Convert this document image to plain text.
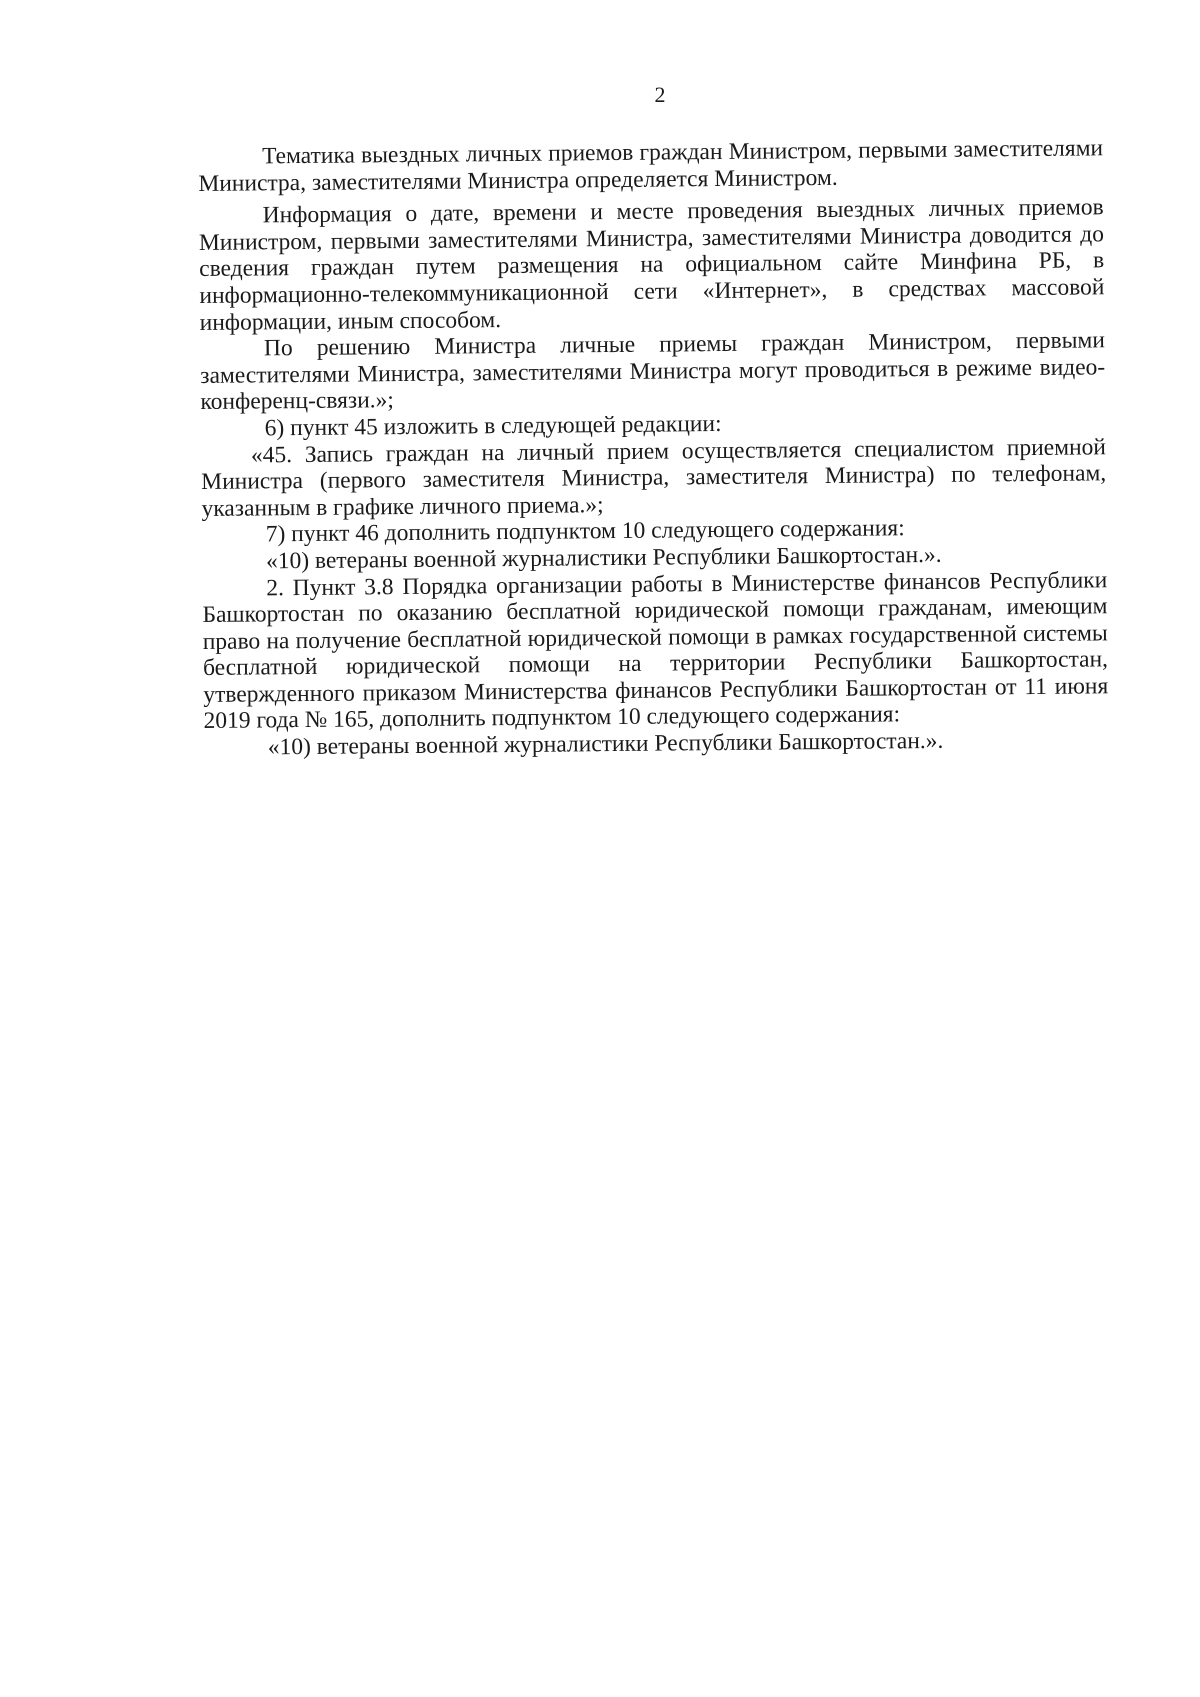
2

Тематика выездных личных приемов граждан Министром, первыми заместителями Министра, заместителями Министра определяется Министром.

Информация о дате, времени и месте проведения выездных личных приемов Министром, первыми заместителями Министра, заместителями Министра доводится до сведения граждан путем размещения на официальном сайте Минфина РБ, в информационно-телекоммуникационной сети «Интернет», в средствах массовой информации, иным способом.

По решению Министра личные приемы граждан Министром, первыми заместителями Министра, заместителями Министра могут проводиться в режиме видео-конференц-связи.»;

6) пункт 45 изложить в следующей редакции:

«45. Запись граждан на личный прием осуществляется специалистом приемной Министра (первого заместителя Министра, заместителя Министра) по телефонам, указанным в графике личного приема.»;

7) пункт 46 дополнить подпунктом 10 следующего содержания:

«10) ветераны военной журналистики Республики Башкортостан.».

2. Пункт 3.8 Порядка организации работы в Министерстве финансов Республики Башкортостан по оказанию бесплатной юридической помощи гражданам, имеющим право на получение бесплатной юридической помощи в рамках государственной системы бесплатной юридической помощи на территории Республики Башкортостан, утвержденного приказом Министерства финансов Республики Башкортостан от 11 июня 2019 года № 165, дополнить подпунктом 10 следующего содержания:

«10) ветераны военной журналистики Республики Башкортостан.».
